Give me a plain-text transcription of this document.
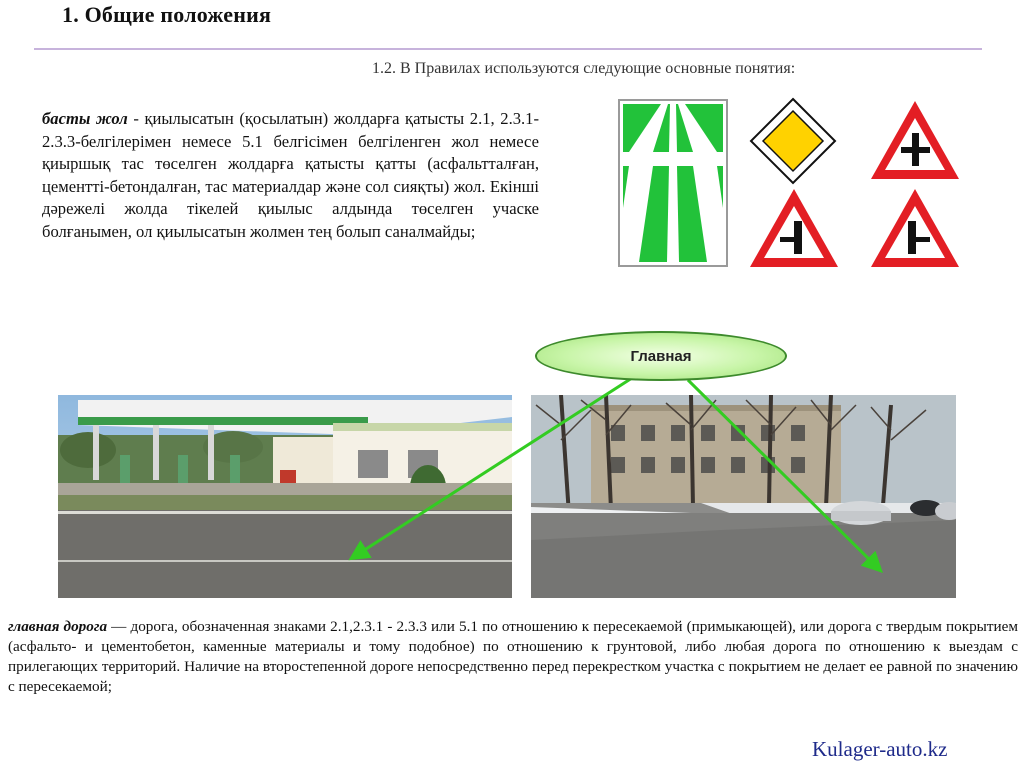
1. Общие положения
1.2. В Правилах используются следующие основные понятия:
басты жол - қиылысатын (қосылатын) жолдарға қатысты 2.1, 2.3.1-2.3.3-белгілерімен немесе 5.1 белгісімен белгіленген жол немесе қиыршық тас төселген жолдарға қатысты қатты (асфальтталған, цементті-бетондалған, тас материалдар және сол сияқты) жол. Екінші дәрежелі жолда тікелей қиылыс алдында төселген учаске болғанымен, ол қиылысатын жолмен тең болып саналмайды;
Главная
главная дорога — дорога, обозначенная знаками 2.1,2.3.1 - 2.3.3 или 5.1 по отношению к пересекаемой (примыкающей), или дорога с твердым покрытием (асфальто- и цементобетон, каменные материалы и тому подобное) по отношению к грунтовой, либо любая дорога по отношению к выездам с прилегающих территорий. Наличие на второстепенной дороге непосредственно перед перекрестком участка с покрытием не делает ее равной по значению с пересекаемой;
Kulager-auto.kz
